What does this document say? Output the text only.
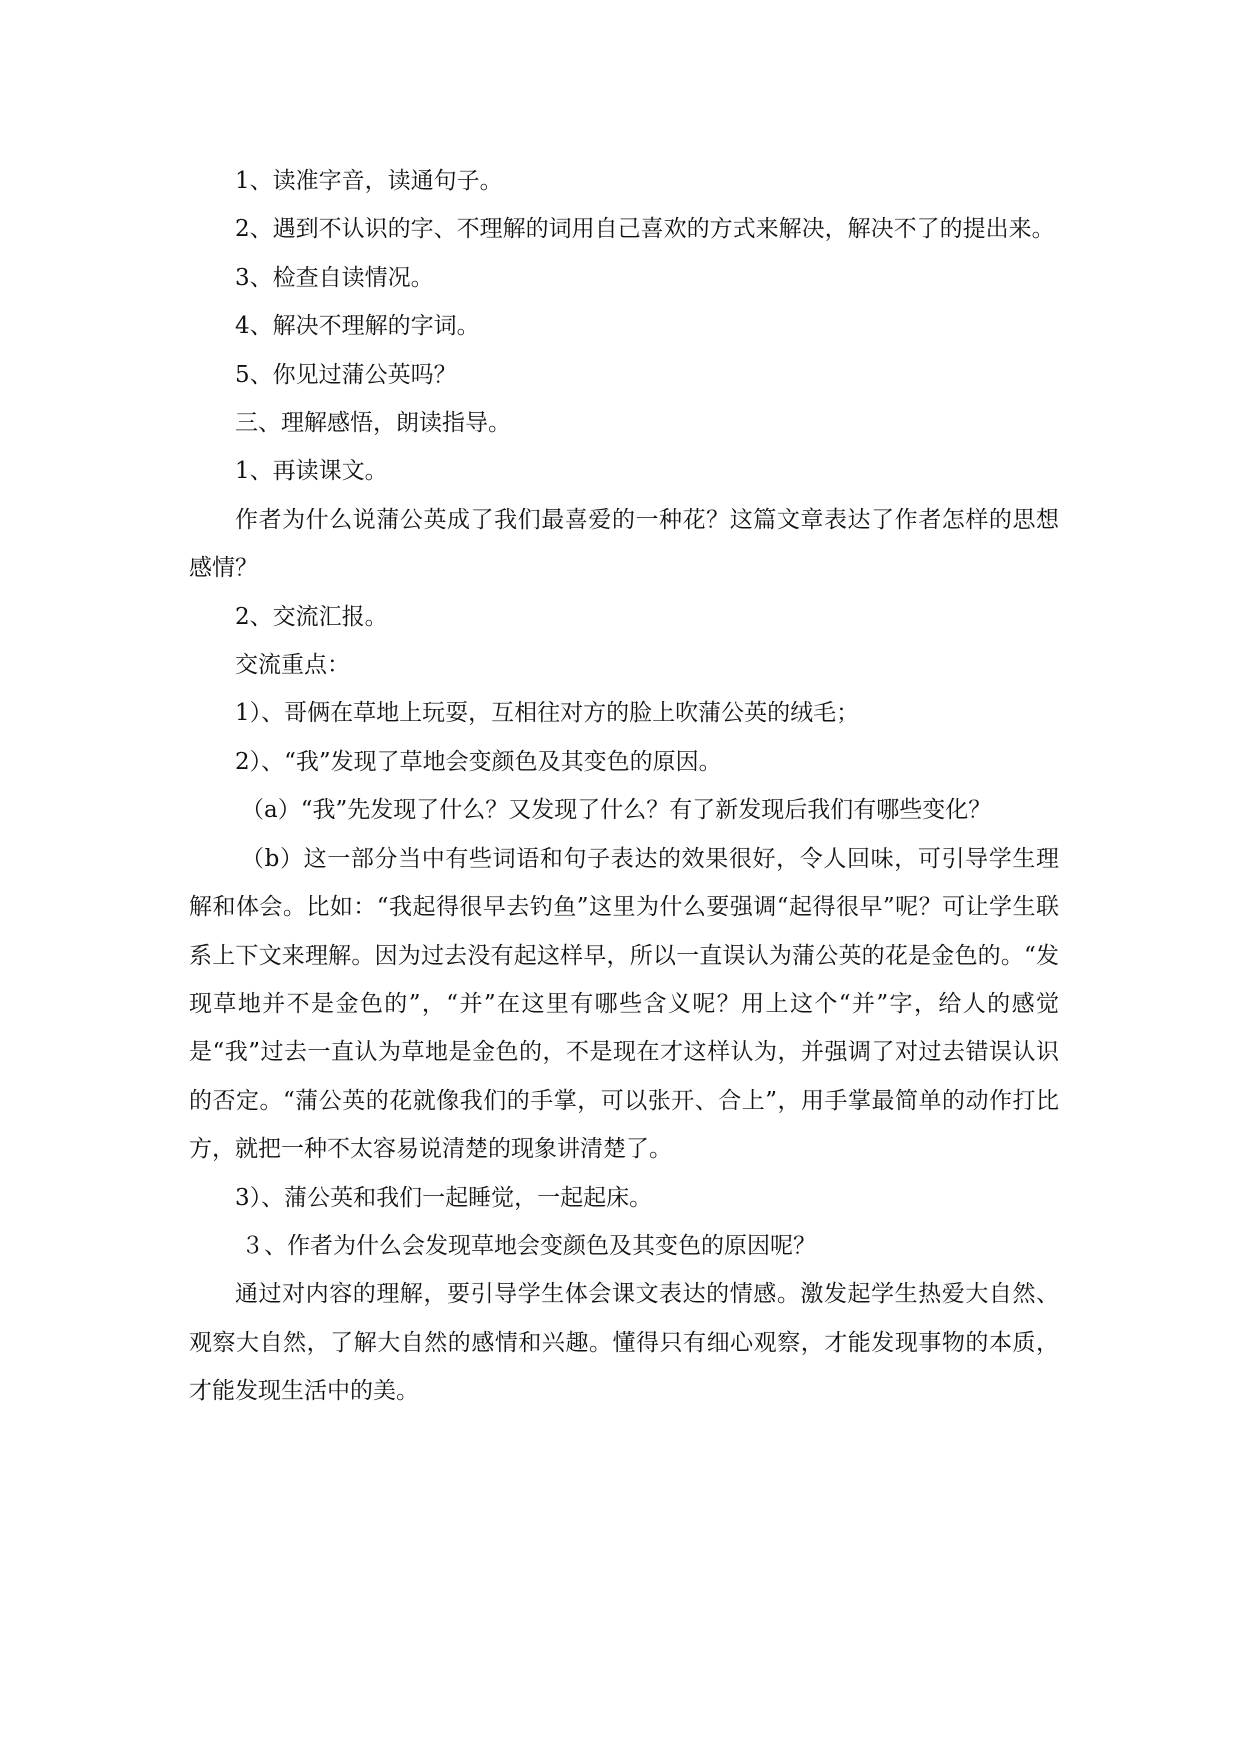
1、读准字音，读通句子。

2、遇到不认识的字、不理解的词用自己喜欢的方式来解决，解决不了的提出来。

3、检查自读情况。

4、解决不理解的字词。

5、你见过蒲公英吗？

三、理解感悟，朗读指导。

1、再读课文。

作者为什么说蒲公英成了我们最喜爱的一种花？这篇文章表达了作者怎样的思想感情？

2、交流汇报。

交流重点：

1）、哥俩在草地上玩耍，互相往对方的脸上吹蒲公英的绒毛；

2）、“我”发现了草地会变颜色及其变色的原因。

（a）“我”先发现了什么？又发现了什么？有了新发现后我们有哪些变化？

（b）这一部分当中有些词语和句子表达的效果很好，令人回味，可引导学生理解和体会。比如：“我起得很早去钓鱼”这里为什么要强调“起得很早”呢？可让学生联系上下文来理解。因为过去没有起这样早，所以一直误认为蒲公英的花是金色的。“发现草地并不是金色的”，“并”在这里有哪些含义呢？用上这个“并”字，给人的感觉是“我”过去一直认为草地是金色的，不是现在才这样认为，并强调了对过去错误认识的否定。“蒲公英的花就像我们的手掌，可以张开、合上”，用手掌最简单的动作打比方，就把一种不太容易说清楚的现象讲清楚了。

3）、蒲公英和我们一起睡觉，一起起床。

３、作者为什么会发现草地会变颜色及其变色的原因呢？

通过对内容的理解，要引导学生体会课文表达的情感。激发起学生热爱大自然、观察大自然，了解大自然的感情和兴趣。懂得只有细心观察，才能发现事物的本质，才能发现生活中的美。
